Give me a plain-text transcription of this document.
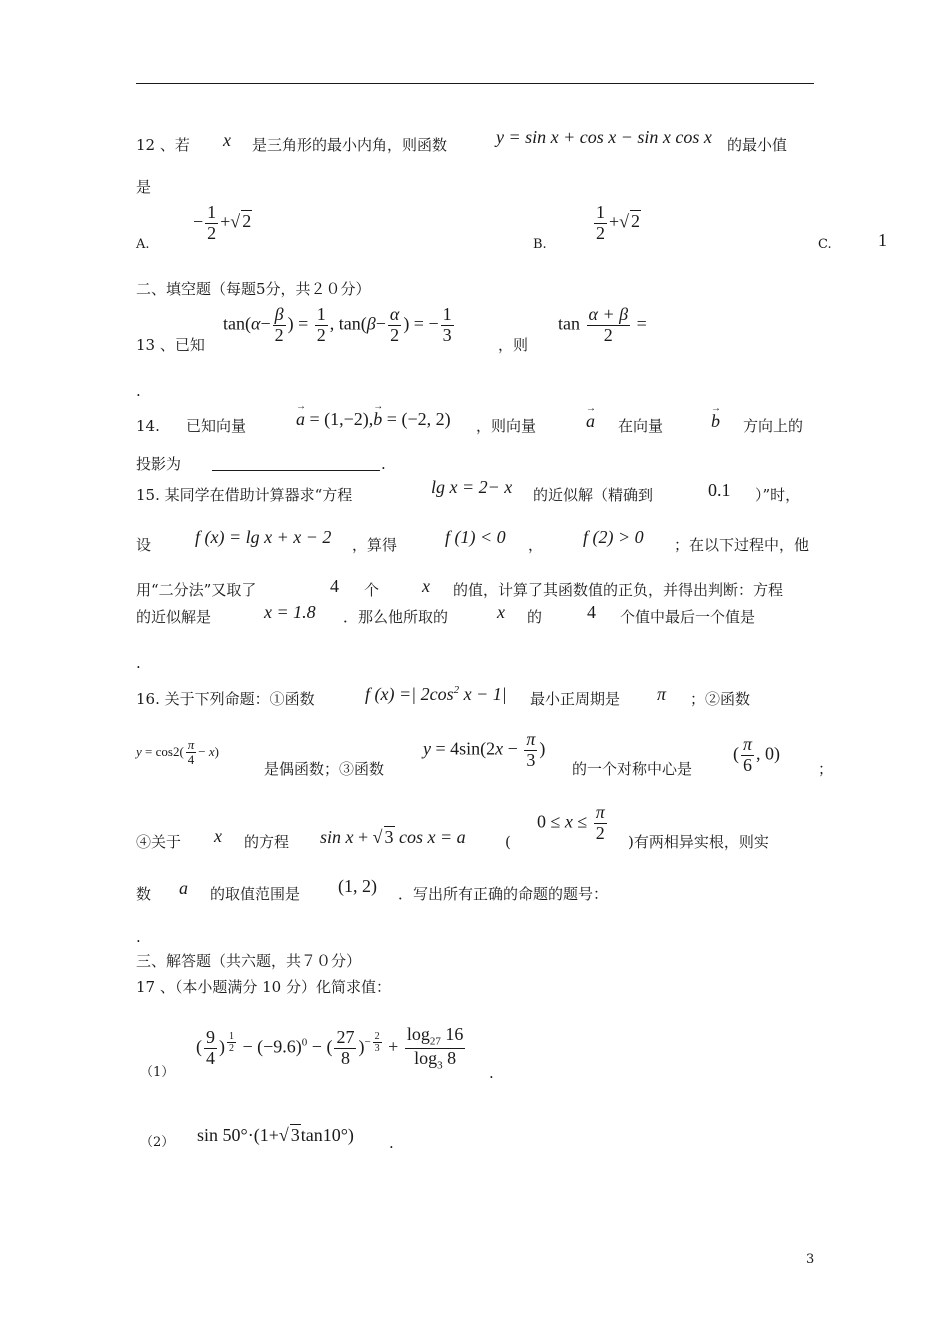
12 、若 x 是三角形的最小内角，则函数	y = sin x + cos x − sin x cos x 的最小值
是
− $\frac{1}{2}$ +√ 2
A.
$\frac{1}{2}$ +√ 2
B.	C.	1
二、填空题（每题5分，共２０分）
$\tan(\alpha- \frac{\beta}{2}$ ) = $\frac{1}{2}$ , $\tan(\beta- \frac{\alpha}{2}$ ) = − $\frac{1}{3}$
13 、已知	，则
$\tan \frac{\alpha + \beta}{2}$ =
.
14. 已知向量	→ a = (1,−2),→ b = (−2, 2) ，则向量	→ a 在向量	→ b 方向上的
投影为	.
15. 某同学在借助计算器求“方程	lg x = 2− x 的近似解（精确到	0.1 ）”时，
设 f (x) = lg x + x − 2 ，算得	f (1) < 0 ， f (2) > 0 ；在以下过程中，他
用“二分法”又取了	4 个 x 的值，计算了其函数值的正负，并得出判断：方程
的近似解是	x = 1.8 ．那么他所取的	x 的 4 个值中最后一个值是
.
16. 关于下列命题：①函数	f (x) =| $2\cos^2$ x − 1| 最小正周期是 π ；②函数
$y = \cos 2( \frac{\pi}{4} - x)$
是偶函数；③函数
$y = 4\sin(2x - \frac{\pi}{3}$ )
的一个对称中心是
( $\frac{\pi}{6}$ , 0)
；
④关于 x 的方程 sin x + √ 3 cos x = a	(
$0 \le x \le \frac{\pi}{2}$ )有两相异实根，则实
数 a 的取值范围是 (1, 2) ．写出所有正确的命题的题号：
.
三、解答题（共六题，共７０分）
17 、（本小题满分 10 分）化简求值：
（1）
( $\frac{9}{4}$ ) $^{\frac{1}{2}} - (-9.6)^0$ − ( $\frac{27}{8} )^{- \frac{2}{3}} + \frac{\log_{27} 16}{\log_3 8}$
.
（2） sin 50°·(1+√ 3tan10°) .
3
